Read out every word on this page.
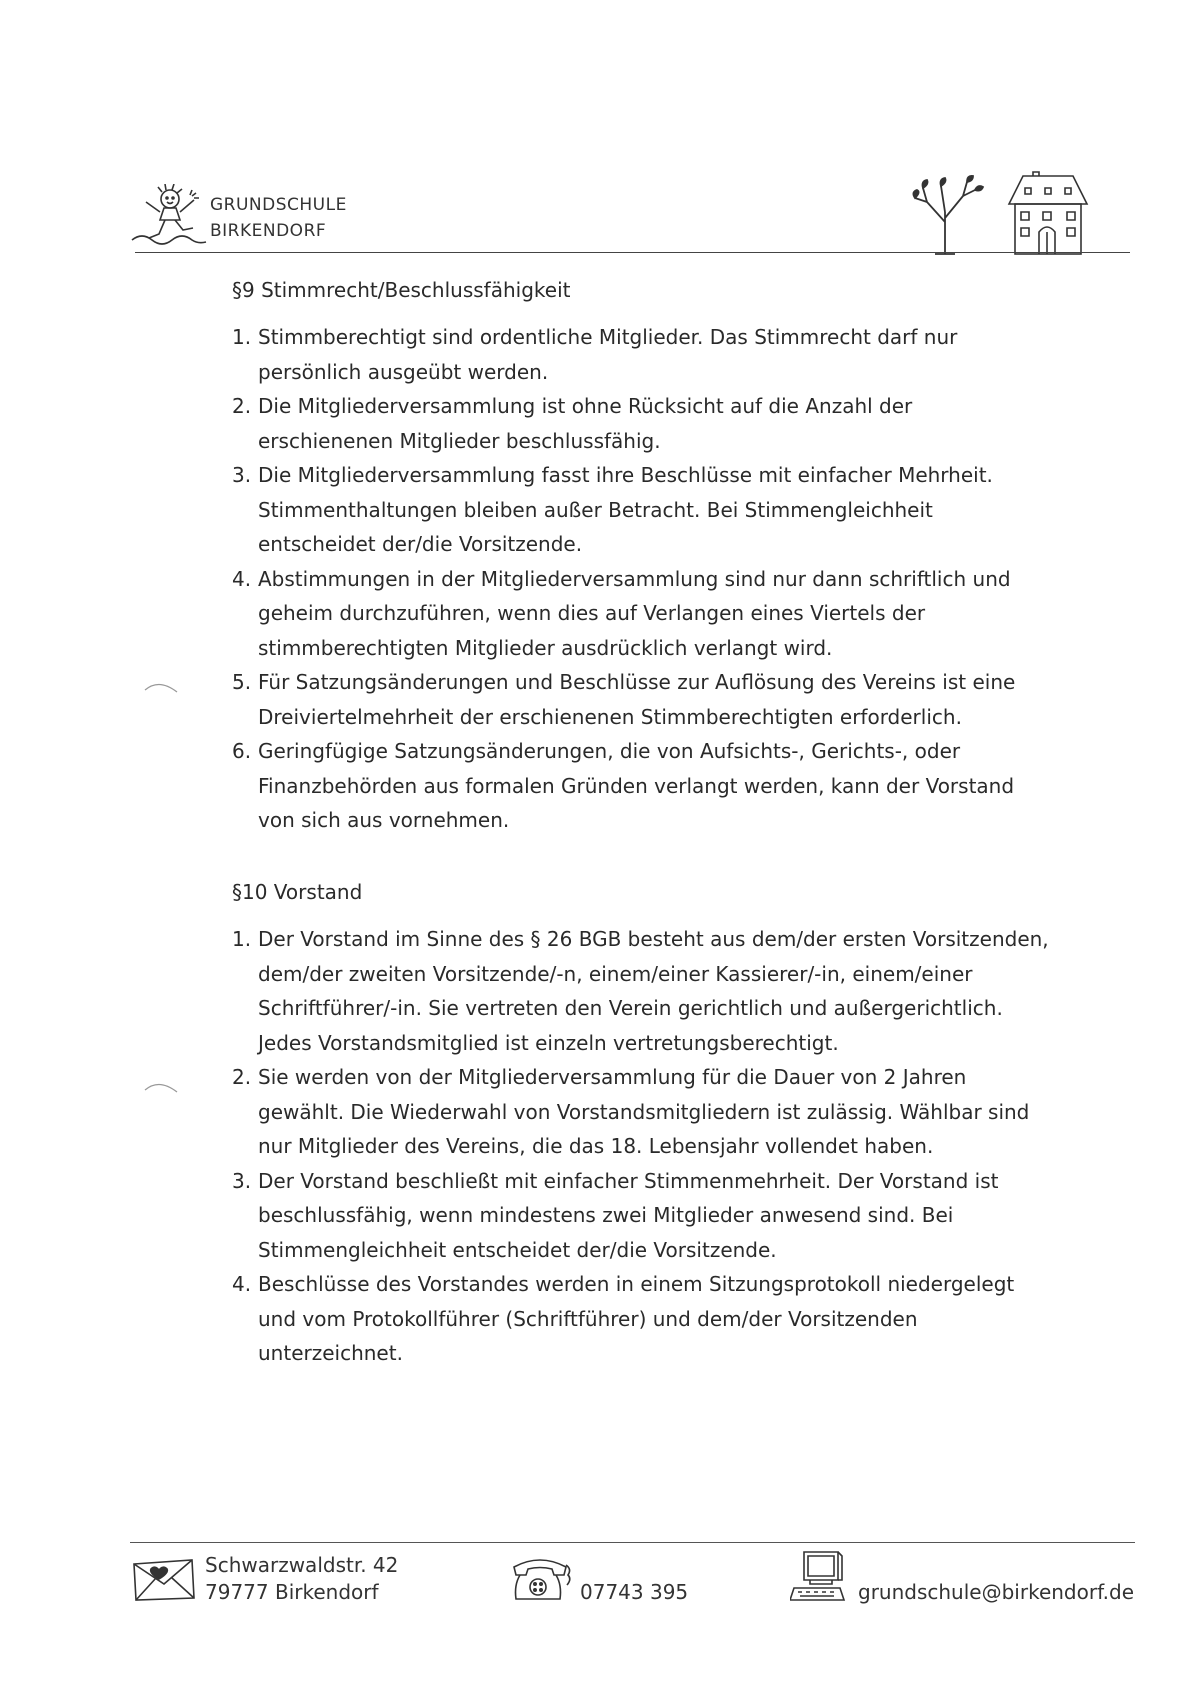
GRUNDSCHULE
BIRKENDORF
§9 Stimmrecht/Beschlussfähigkeit
1. Stimmberechtigt sind ordentliche Mitglieder. Das Stimmrecht darf nur persönlich ausgeübt werden.
2. Die Mitgliederversammlung ist ohne Rücksicht auf die Anzahl der erschienenen Mitglieder beschlussfähig.
3. Die Mitgliederversammlung fasst ihre Beschlüsse mit einfacher Mehrheit. Stimmenthaltungen bleiben außer Betracht. Bei Stimmengleichheit entscheidet der/die Vorsitzende.
4. Abstimmungen in der Mitgliederversammlung sind nur dann schriftlich und geheim durchzuführen, wenn dies auf Verlangen eines Viertels der stimmberechtigten Mitglieder ausdrücklich verlangt wird.
5. Für Satzungsänderungen und Beschlüsse zur Auflösung des Vereins ist eine Dreiviertelmehrheit der erschienenen Stimmberechtigten erforderlich.
6. Geringfügige Satzungsänderungen, die von Aufsichts-, Gerichts-, oder Finanzbehörden aus formalen Gründen verlangt werden, kann der Vorstand von sich aus vornehmen.
§10 Vorstand
1. Der Vorstand im Sinne des § 26 BGB besteht aus dem/der ersten Vorsitzenden, dem/der zweiten Vorsitzende/-n, einem/einer Kassierer/-in, einem/einer Schriftführer/-in. Sie vertreten den Verein gerichtlich und außergerichtlich. Jedes Vorstandsmitglied ist einzeln vertretungsberechtigt.
2. Sie werden von der Mitgliederversammlung für die Dauer von 2 Jahren gewählt. Die Wiederwahl von Vorstandsmitgliedern ist zulässig. Wählbar sind nur Mitglieder des Vereins, die das 18. Lebensjahr vollendet haben.
3. Der Vorstand beschließt mit einfacher Stimmenmehrheit. Der Vorstand ist beschlussfähig, wenn mindestens zwei Mitglieder anwesend sind. Bei Stimmengleichheit entscheidet der/die Vorsitzende.
4. Beschlüsse des Vorstandes werden in einem Sitzungsprotokoll niedergelegt und vom Protokollführer (Schriftführer) und dem/der Vorsitzenden unterzeichnet.
Schwarzwaldstr. 42
79777 Birkendorf	07743 395	grundschule@birkendorf.de
